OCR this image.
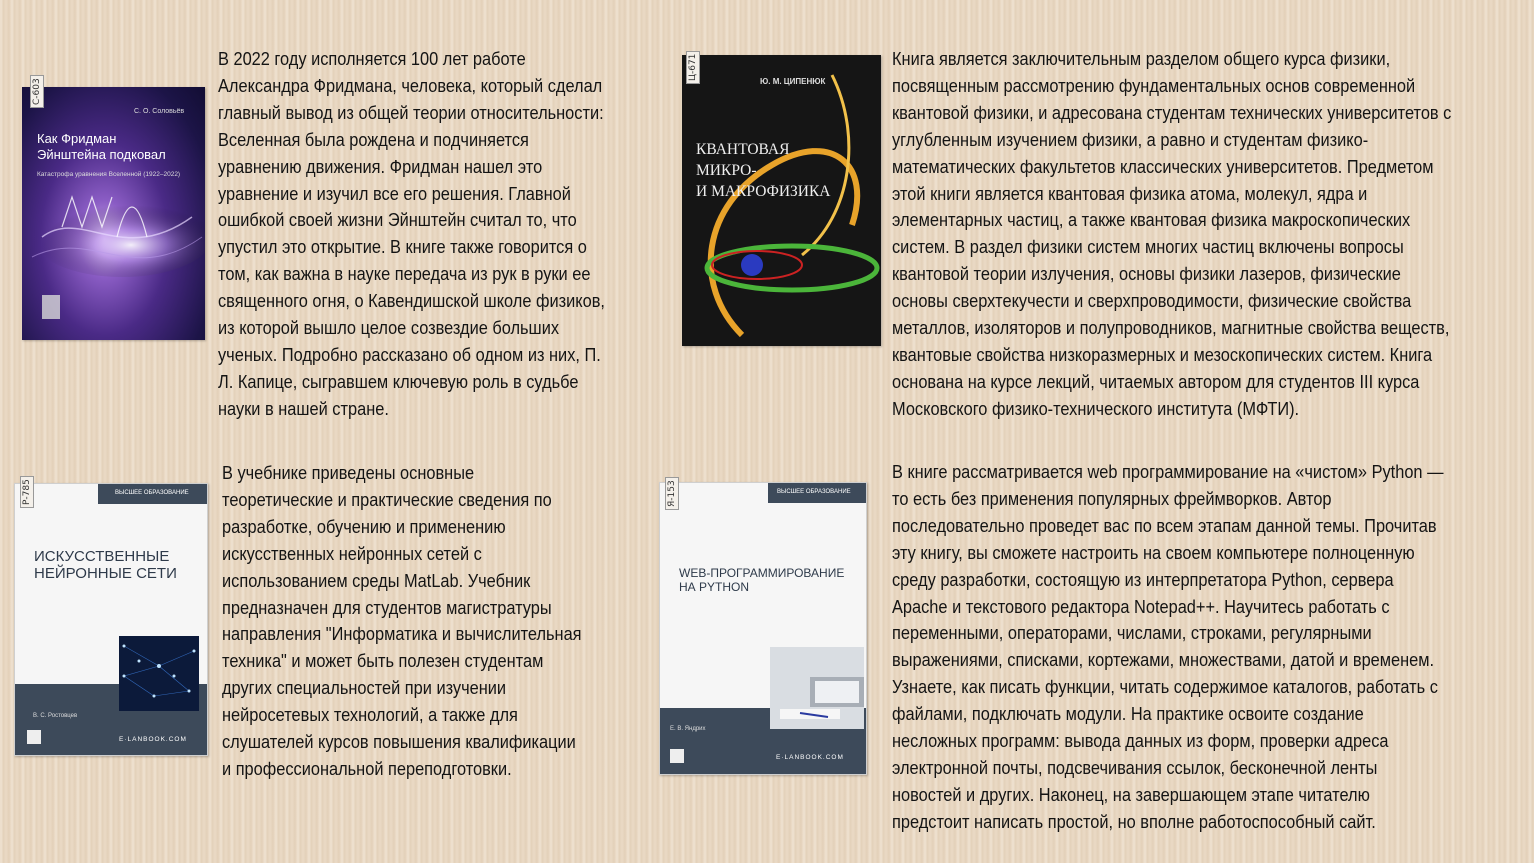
С. О. Соловьёв
Как Фридман
Эйнштейна подковал
Катастрофа уравнения Вселенной (1922–2022)
С-603
В 2022 году исполняется 100 лет работе
Александра Фридмана, человека, который сделал
главный вывод из общей теории относительности:
Вселенная была рождена и подчиняется
уравнению движения. Фридман нашел это
уравнение и изучил все его решения. Главной
ошибкой своей жизни Эйнштейн считал то, что
упустил это открытие. В книге также говорится о
том, как важна в науке передача из рук в руки ее
священного огня, о Кавендишской школе физиков,
из которой вышло целое созвездие больших
ученых. Подробно рассказано об одном из них, П.
Л. Капице, сыгравшем ключевую роль в судьбе
науки в нашей стране.
Ю. М. ЦИПЕНЮК
КВАНТОВАЯ
МИКРО-
И МАКРОФИЗИКА
Ц-671	Книга является заключительным разделом общего курса физики,
посвященным рассмотрению фундаментальных основ современной
квантовой физики, и адресована студентам технических университетов с
углубленным изучением физики, а равно и студентам физико-
математических факультетов классических университетов. Предметом
этой книги является квантовая физика атома, молекул, ядра и
элементарных частиц, а также квантовая физика макроскопических
систем. В раздел физики систем многих частиц включены вопросы
квантовой теории излучения, основы физики лазеров, физические
основы сверхтекучести и сверхпроводимости, физические свойства
металлов, изоляторов и полупроводников, магнитные свойства веществ,
квантовые свойства низкоразмерных и мезоскопических систем. Книга
основана на курсе лекций, читаемых автором для студентов III курса
Московского физико-технического института (МФТИ).
ВЫСШЕЕ ОБРАЗОВАНИЕ
ИСКУССТВЕННЫЕ
НЕЙРОННЫЕ СЕТИ
В. С. Ростовцев
Е·LANBOOK.COM
Р-785
В учебнике приведены основные
теоретические и практические сведения по
разработке, обучению и применению
искусственных нейронных сетей с
использованием среды MatLab. Учебник
предназначен для студентов магистратуры
направления "Информатика и вычислительная
техника" и может быть полезен студентам
других специальностей при изучении
нейросетевых технологий, а также для
слушателей курсов повышения квалификации
и профессиональной переподготовки.
ВЫСШЕЕ ОБРАЗОВАНИЕ
WEB-ПРОГРАММИРОВАНИЕ
НА PYTHON
Е. В. Яндрих
Е·LANBOOK.COM
Я-153
В книге рассматривается web программирование на «чистом» Python —
то есть без применения популярных фреймворков. Автор
последовательно проведет вас по всем этапам данной темы. Прочитав
эту книгу, вы сможете настроить на своем компьютере полноценную
среду разработки, состоящую из интерпретатора Python, сервера
Apache и текстового редактора Notepad++. Научитесь работать с
переменными, операторами, числами, строками, регулярными
выражениями, списками, кортежами, множествами, датой и временем.
Узнаете, как писать функции, читать содержимое каталогов, работать с
файлами, подключать модули. На практике освоите создание
несложных программ: вывода данных из форм, проверки адреса
электронной почты, подсвечивания ссылок, бесконечной ленты
новостей и других. Наконец, на завершающем этапе читателю
предстоит написать простой, но вполне работоспособный сайт.
